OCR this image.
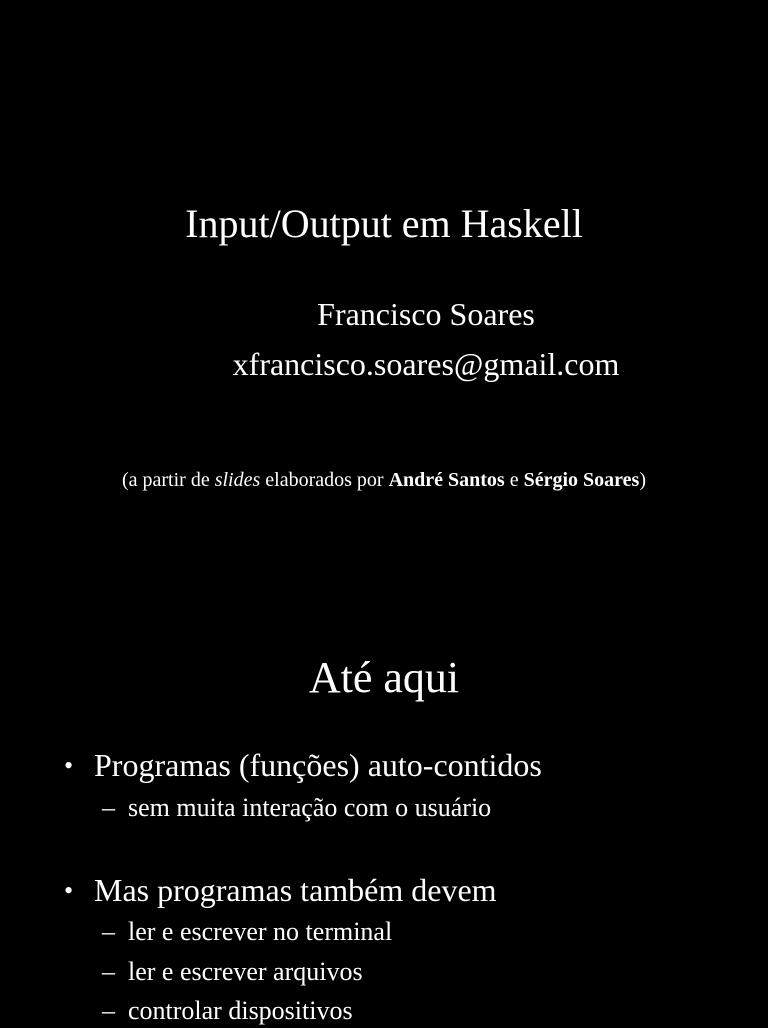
Input/Output em Haskell
Francisco Soares
xfrancisco.soares@gmail.com
(a partir de slides elaborados por André Santos e Sérgio Soares)
Até aqui
• Programas (funções) auto-contidos
– sem muita interação com o usuário
• Mas programas também devem
– ler e escrever no terminal
– ler e escrever arquivos
– controlar dispositivos
